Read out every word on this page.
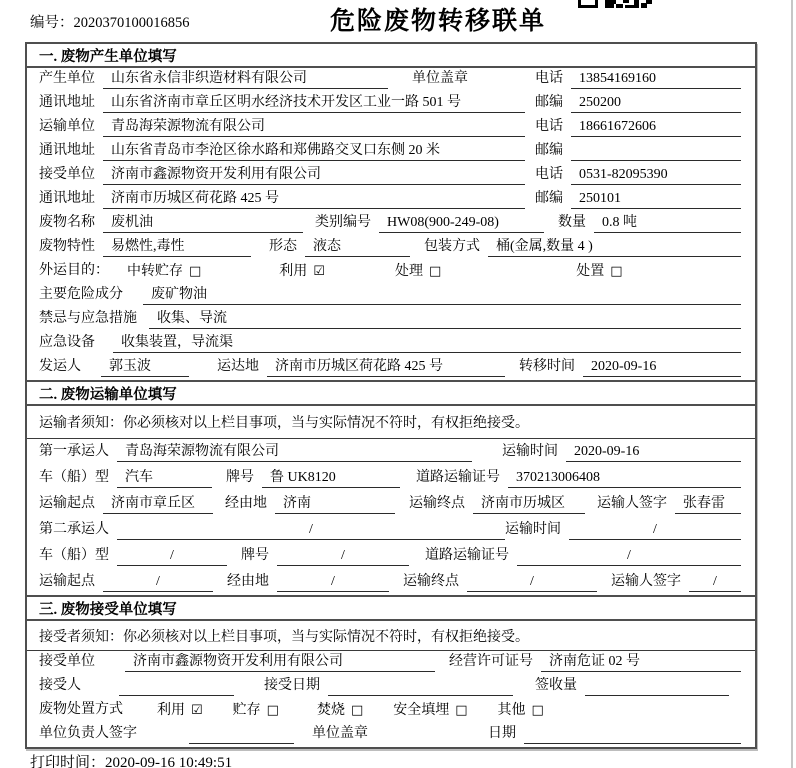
编号：2020370100016856	危险废物转移联单
一. 废物产生单位填写
产生单位	山东省永信非织造材料有限公司	单位盖章	电话	13854169160
通讯地址	山东省济南市章丘区明水经济技术开发区工业一路 501 号	邮编	250200
运输单位	青岛海荣源物流有限公司	电话	18661672606
通讯地址	山东省青岛市李沧区徐水路和郑佛路交叉口东侧 20 米	邮编
接受单位	济南市鑫源物资开发利用有限公司	电话	0531-82095390
通讯地址	济南市历城区荷花路 425 号	邮编	250101
废物名称	废机油	类别编号	HW08(900-249-08)	数量	0.8 吨
废物特性	易燃性,毒性	形态	液态	包装方式	桶(金属,数量 4 )
外运目的： 中转贮存 □	利用 ☑	处理 □	处置 □
主要危险成分	废矿物油
禁忌与应急措施	收集、导流
应急设备	收集装置，导流渠
发运人	郭玉波	运达地	济南市历城区荷花路 425 号	转移时间	2020-09-16
二. 废物运输单位填写
运输者须知： 你必须核对以上栏目事项，当与实际情况不符时，有权拒绝接受。
第一承运人	青岛海荣源物流有限公司	运输时间	2020-09-16
车（船）型	汽车	牌号	鲁 UK8120	道路运输证号	370213006408
运输起点	济南市章丘区	经由地	济南	运输终点	济南市历城区	运输人签字	张春雷
第二承运人	/	运输时间	/
车（船）型	/	牌号	/	道路运输证号	/
运输起点	/	经由地	/	运输终点	/	运输人签字	/
三. 废物接受单位填写
接受者须知： 你必须核对以上栏目事项，当与实际情况不符时，有权拒绝接受。
接受单位	济南市鑫源物资开发利用有限公司	经营许可证号	济南危证 02 号
接受人	接受日期	签收量
废物处置方式 利用 ☑ 贮存 □	焚烧 □ 安全填埋 □ 其他 □
单位负责人签字	单位盖章	日期
打印时间：2020-09-16 10:49:51
